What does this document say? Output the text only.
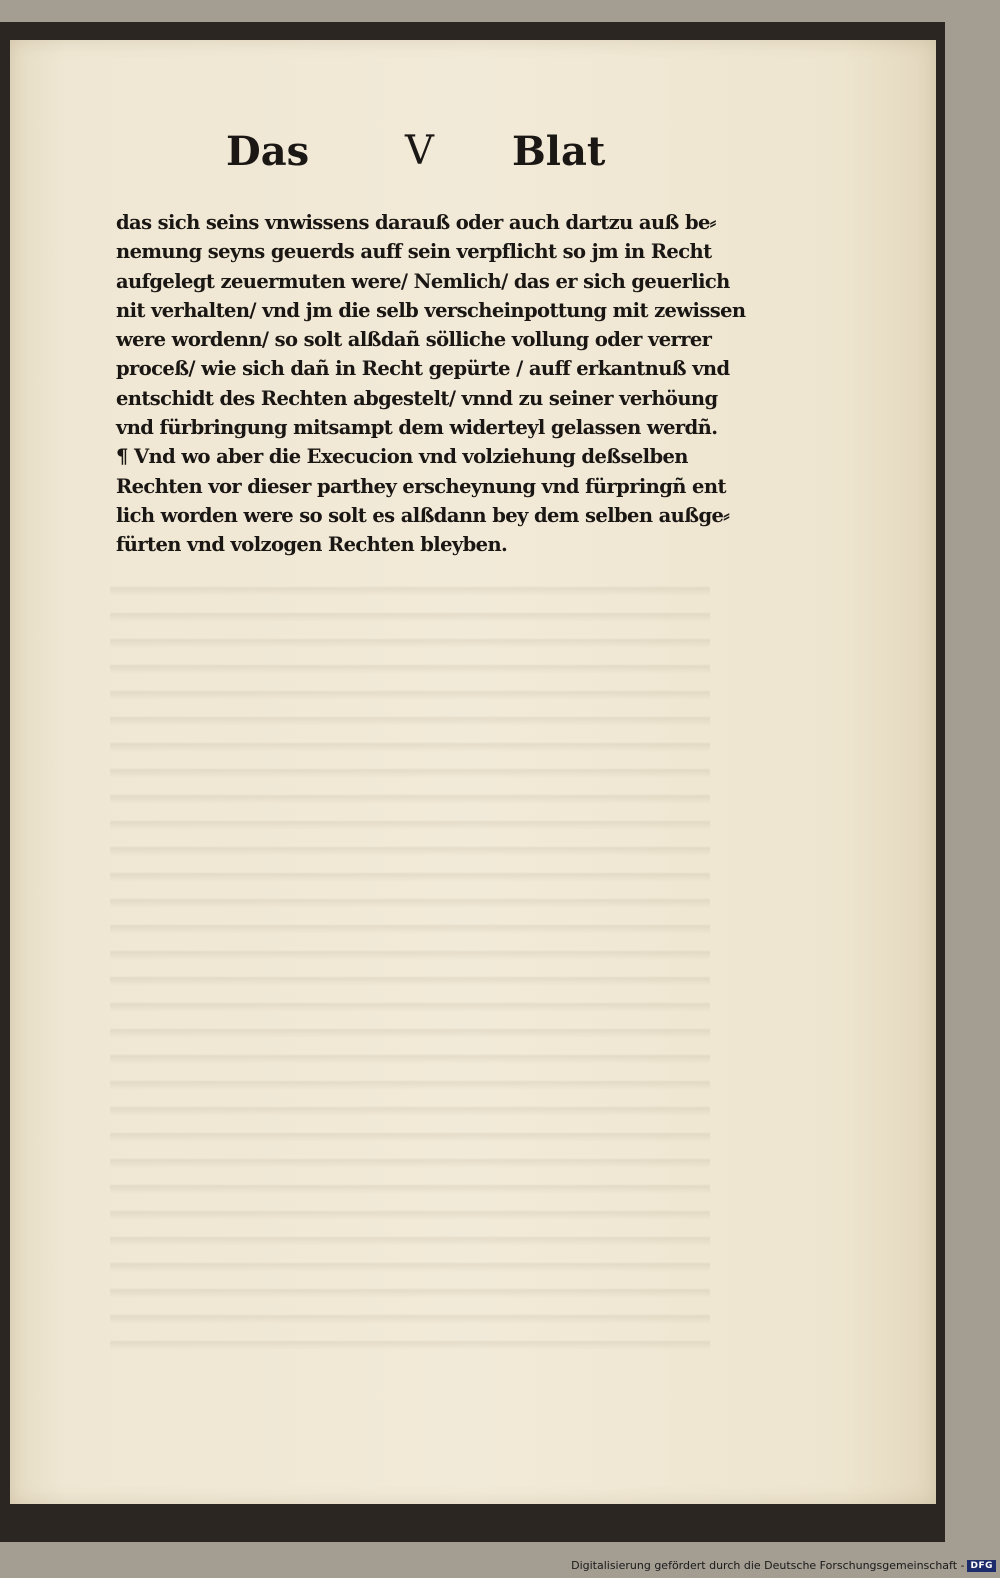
Das V Blat
das sich seins vnwissens darauß oder auch dartzu auß be⸗
nemung seyns geuerds auff sein verpflicht so jm in Recht
aufgelegt zeuermuten were/ Nemlich/ das er sich geuerlich
nit verhalten/ vnd jm die selb verscheinpottung mit zewissen
were wordenn/ so solt alßdañ sölliche vollung oder verrer
proceß/ wie sich dañ in Recht gepürte / auff erkantnuß vnd
entschidt des Rechten abgestelt/ vnnd zu seiner verhöung
vnd fürbringung mitsampt dem widerteyl gelassen werdñ.
¶ Vnd wo aber die Execucion vnd volziehung deßselben
Rechten vor dieser parthey erscheynung vnd fürpringñ ent
lich worden were so solt es alßdann bey dem selben außge⸗
fürten vnd volzogen Rechten bleyben.
Digitalisierung gefördert durch die Deutsche Forschungsgemeinschaft - DFG
